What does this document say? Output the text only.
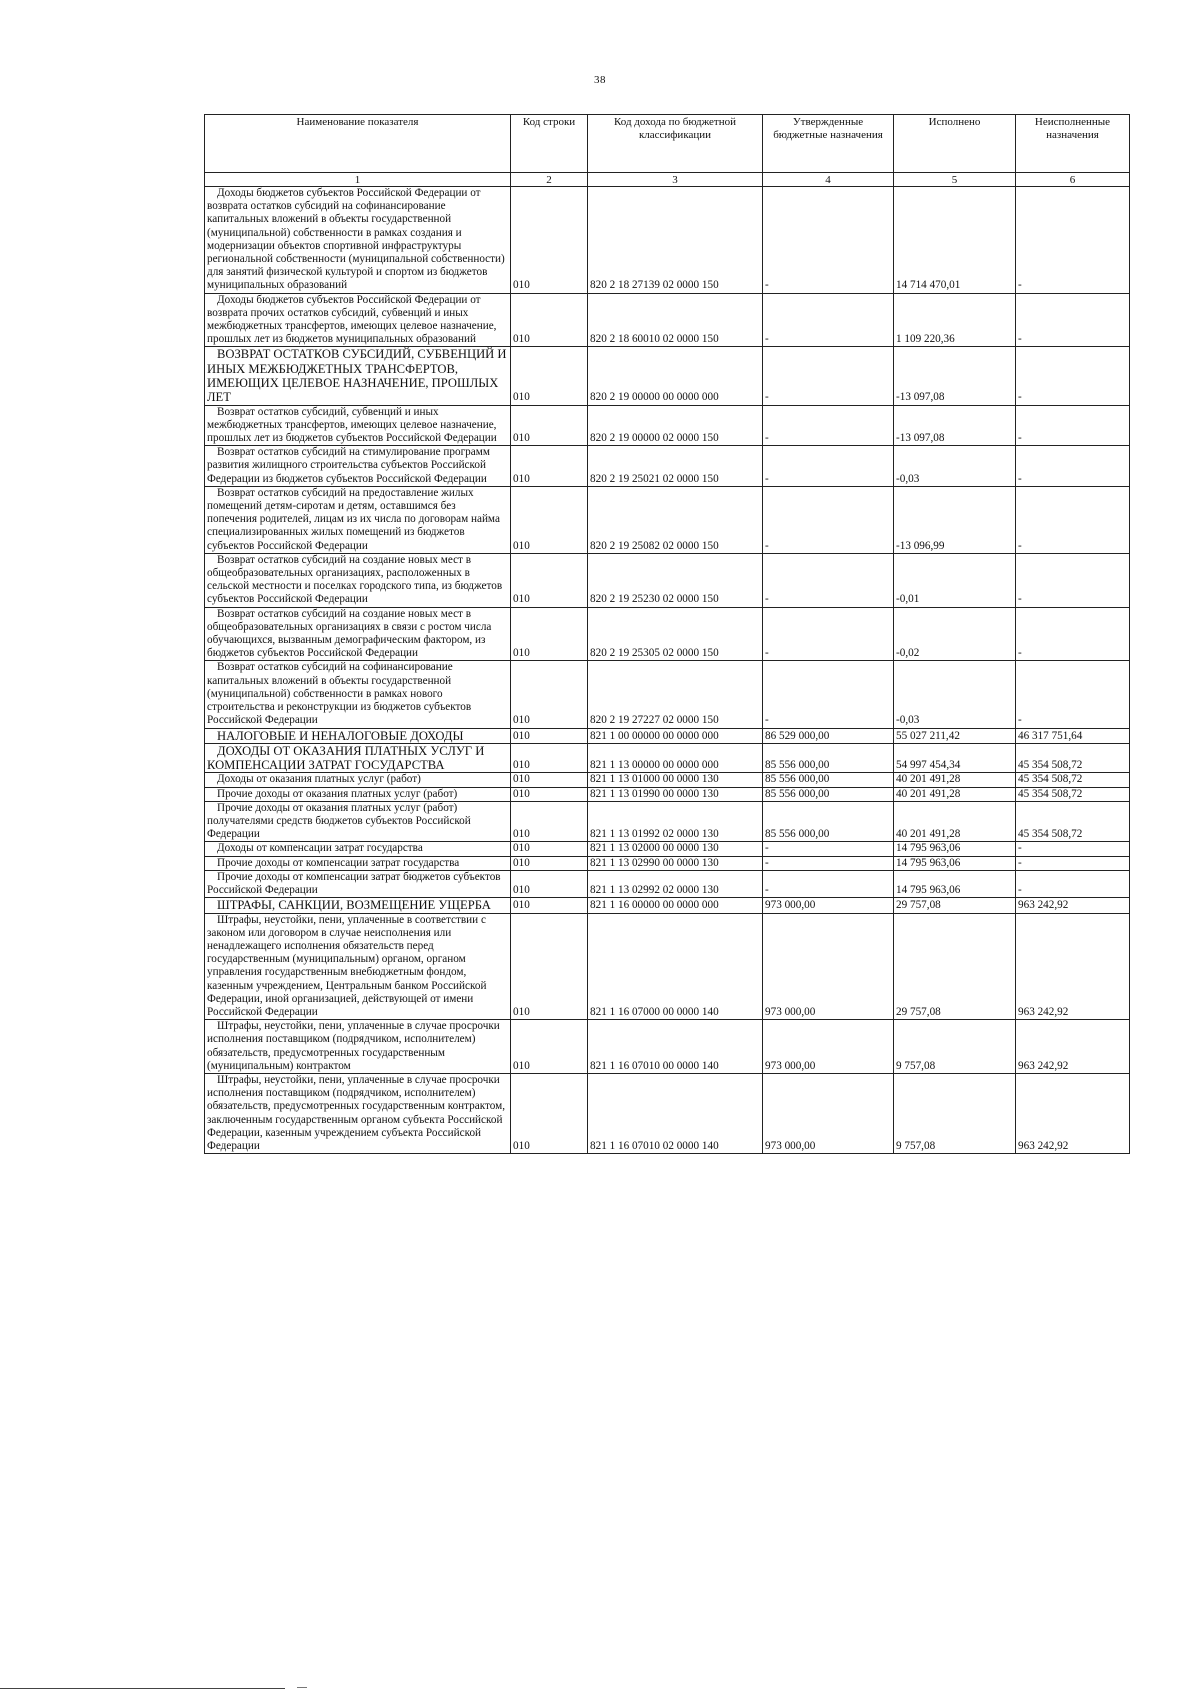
38
Наименование показателя	Код строки	Код дохода по бюджетной классификации	Утвержденные бюджетные назначения	Исполнено	Неисполненные назначения
1	2	3	4	5	6

Доходы бюджетов субъектов Российской Федерации от возврата остатков субсидий на софинансирование капитальных вложений в объекты государственной (муниципальной) собственности в рамках создания и модернизации объектов спортивной инфраструктуры региональной собственности (муниципальной собственности) для занятий физической культурой и спортом из бюджетов муниципальных образований	010	820 2 18 27139 02 0000 150	-	14 714 470,01	-

Доходы бюджетов субъектов Российской Федерации от возврата прочих остатков субсидий, субвенций и иных межбюджетных трансфертов, имеющих целевое назначение, прошлых лет из бюджетов муниципальных образований	010	820 2 18 60010 02 0000 150	-	1 109 220,36	-

ВОЗВРАТ ОСТАТКОВ СУБСИДИЙ, СУБВЕНЦИЙ И ИНЫХ МЕЖБЮДЖЕТНЫХ ТРАНСФЕРТОВ, ИМЕЮЩИХ ЦЕЛЕВОЕ НАЗНАЧЕНИЕ, ПРОШЛЫХ ЛЕТ	010	820 2 19 00000 00 0000 000	-	-13 097,08	-

Возврат остатков субсидий, субвенций и иных межбюджетных трансфертов, имеющих целевое назначение, прошлых лет из бюджетов субъектов Российской Федерации	010	820 2 19 00000 02 0000 150	-	-13 097,08	-

Возврат остатков субсидий на стимулирование программ развития жилищного строительства субъектов Российской Федерации из бюджетов субъектов Российской Федерации	010	820 2 19 25021 02 0000 150	-	-0,03	-

Возврат остатков субсидий на предоставление жилых помещений детям-сиротам и детям, оставшимся без попечения родителей, лицам из их числа по договорам найма специализированных жилых помещений из бюджетов субъектов Российской Федерации	010	820 2 19 25082 02 0000 150	-	-13 096,99	-

Возврат остатков субсидий на создание новых мест в общеобразовательных организациях, расположенных в сельской местности и поселках городского типа, из бюджетов субъектов Российской Федерации	010	820 2 19 25230 02 0000 150	-	-0,01	-

Возврат остатков субсидий на создание новых мест в общеобразовательных организациях в связи с ростом числа обучающихся, вызванным демографическим фактором, из бюджетов субъектов Российской Федерации	010	820 2 19 25305 02 0000 150	-	-0,02	-

Возврат остатков субсидий на софинансирование капитальных вложений в объекты государственной (муниципальной) собственности в рамках нового строительства и реконструкции из бюджетов субъектов Российской Федерации	010	820 2 19 27227 02 0000 150	-	-0,03	-

НАЛОГОВЫЕ И НЕНАЛОГОВЫЕ ДОХОДЫ	010	821 1 00 00000 00 0000 000	86 529 000,00	55 027 211,42	46 317 751,64

ДОХОДЫ ОТ ОКАЗАНИЯ ПЛАТНЫХ УСЛУГ И КОМПЕНСАЦИИ ЗАТРАТ ГОСУДАРСТВА	010	821 1 13 00000 00 0000 000	85 556 000,00	54 997 454,34	45 354 508,72

Доходы от оказания платных услуг (работ)	010	821 1 13 01000 00 0000 130	85 556 000,00	40 201 491,28	45 354 508,72

Прочие доходы от оказания платных услуг (работ)	010	821 1 13 01990 00 0000 130	85 556 000,00	40 201 491,28	45 354 508,72

Прочие доходы от оказания платных услуг (работ) получателями средств бюджетов субъектов Российской Федерации	010	821 1 13 01992 02 0000 130	85 556 000,00	40 201 491,28	45 354 508,72

Доходы от компенсации затрат государства	010	821 1 13 02000 00 0000 130	-	14 795 963,06	-

Прочие доходы от компенсации затрат государства	010	821 1 13 02990 00 0000 130	-	14 795 963,06	-

Прочие доходы от компенсации затрат бюджетов субъектов Российской Федерации	010	821 1 13 02992 02 0000 130	-	14 795 963,06	-

ШТРАФЫ, САНКЦИИ, ВОЗМЕЩЕНИЕ УЩЕРБА	010	821 1 16 00000 00 0000 000	973 000,00	29 757,08	963 242,92

Штрафы, неустойки, пени, уплаченные в соответствии с законом или договором в случае неисполнения или ненадлежащего исполнения обязательств перед государственным (муниципальным) органом, органом управления государственным внебюджетным фондом, казенным учреждением, Центральным банком Российской Федерации, иной организацией, действующей от имени Российской Федерации	010	821 1 16 07000 00 0000 140	973 000,00	29 757,08	963 242,92

Штрафы, неустойки, пени, уплаченные в случае просрочки исполнения поставщиком (подрядчиком, исполнителем) обязательств, предусмотренных государственным (муниципальным) контрактом	010	821 1 16 07010 00 0000 140	973 000,00	9 757,08	963 242,92

Штрафы, неустойки, пени, уплаченные в случае просрочки исполнения поставщиком (подрядчиком, исполнителем) обязательств, предусмотренных государственным контрактом, заключенным государственным органом субъекта Российской Федерации, казенным учреждением субъекта Российской Федерации	010	821 1 16 07010 02 0000 140	973 000,00	9 757,08	963 242,92
